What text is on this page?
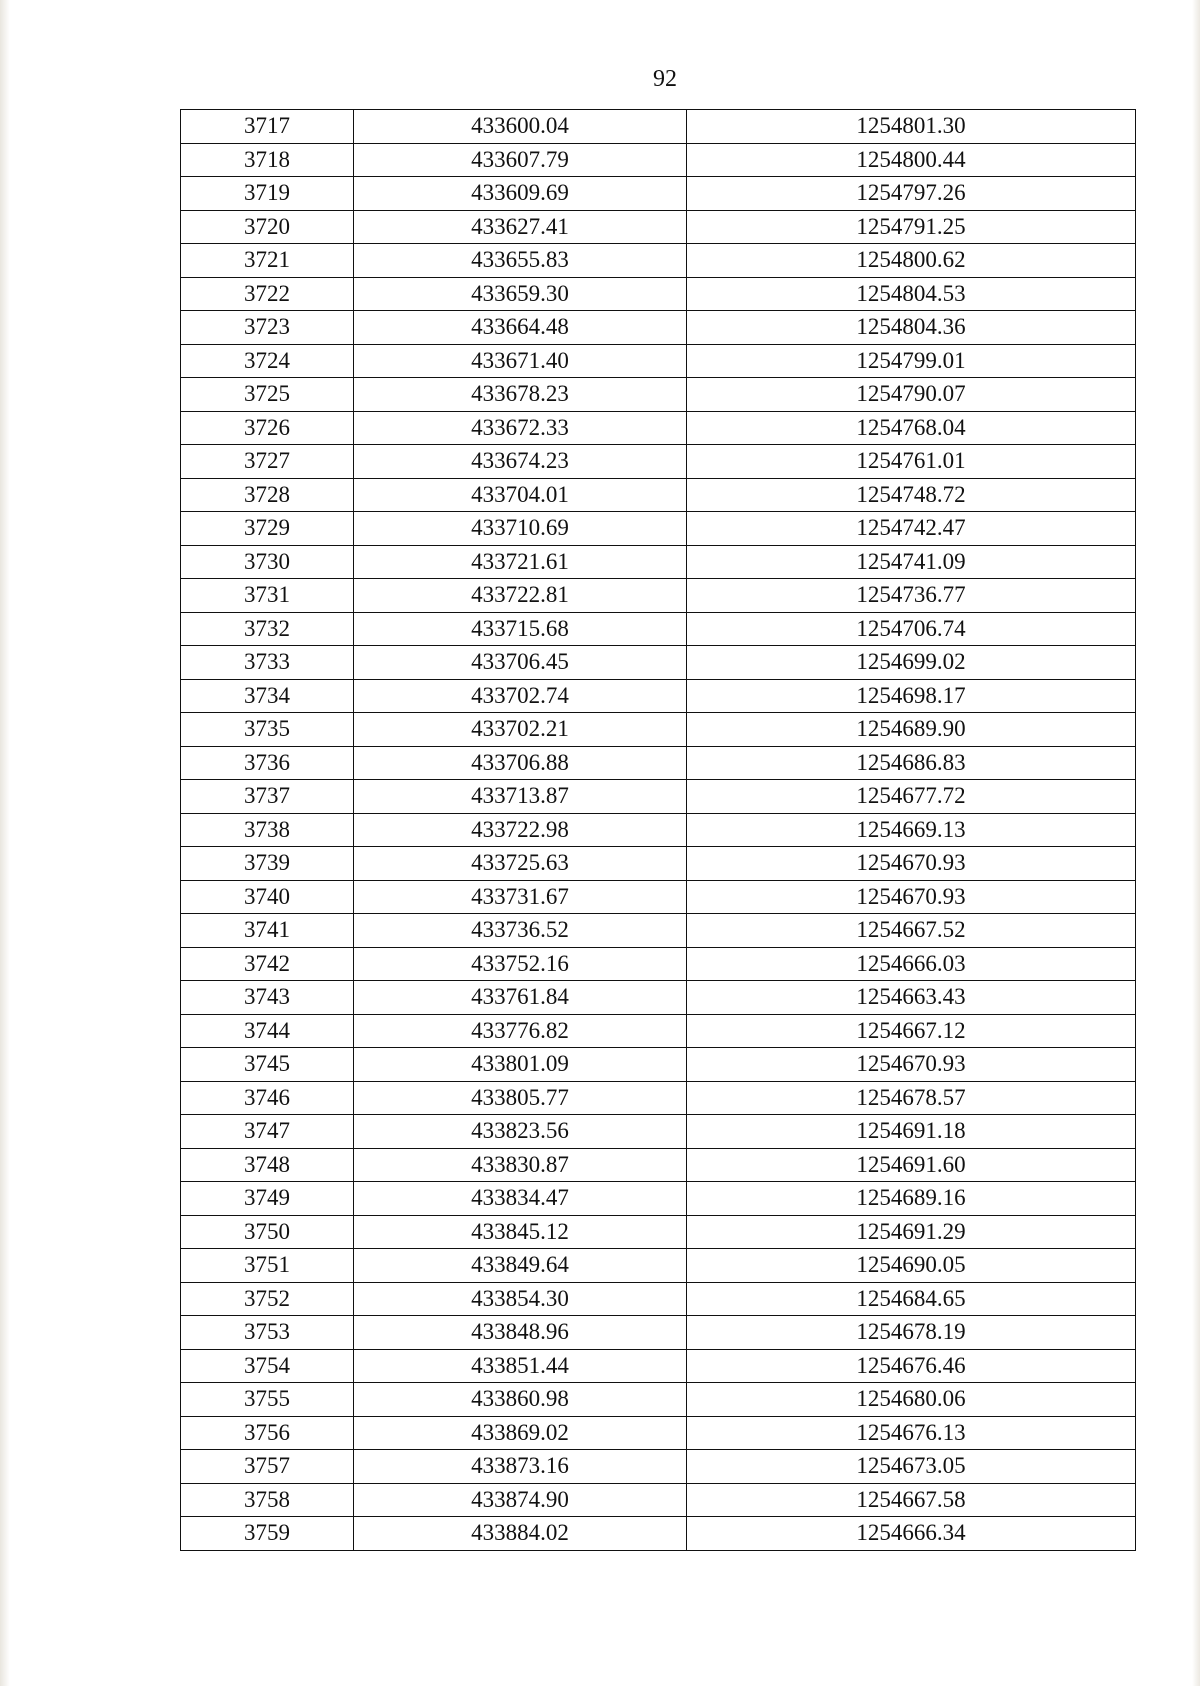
92
3717	433600.04	1254801.30
3718	433607.79	1254800.44
3719	433609.69	1254797.26
3720	433627.41	1254791.25
3721	433655.83	1254800.62
3722	433659.30	1254804.53
3723	433664.48	1254804.36
3724	433671.40	1254799.01
3725	433678.23	1254790.07
3726	433672.33	1254768.04
3727	433674.23	1254761.01
3728	433704.01	1254748.72
3729	433710.69	1254742.47
3730	433721.61	1254741.09
3731	433722.81	1254736.77
3732	433715.68	1254706.74
3733	433706.45	1254699.02
3734	433702.74	1254698.17
3735	433702.21	1254689.90
3736	433706.88	1254686.83
3737	433713.87	1254677.72
3738	433722.98	1254669.13
3739	433725.63	1254670.93
3740	433731.67	1254670.93
3741	433736.52	1254667.52
3742	433752.16	1254666.03
3743	433761.84	1254663.43
3744	433776.82	1254667.12
3745	433801.09	1254670.93
3746	433805.77	1254678.57
3747	433823.56	1254691.18
3748	433830.87	1254691.60
3749	433834.47	1254689.16
3750	433845.12	1254691.29
3751	433849.64	1254690.05
3752	433854.30	1254684.65
3753	433848.96	1254678.19
3754	433851.44	1254676.46
3755	433860.98	1254680.06
3756	433869.02	1254676.13
3757	433873.16	1254673.05
3758	433874.90	1254667.58
3759	433884.02	1254666.34
